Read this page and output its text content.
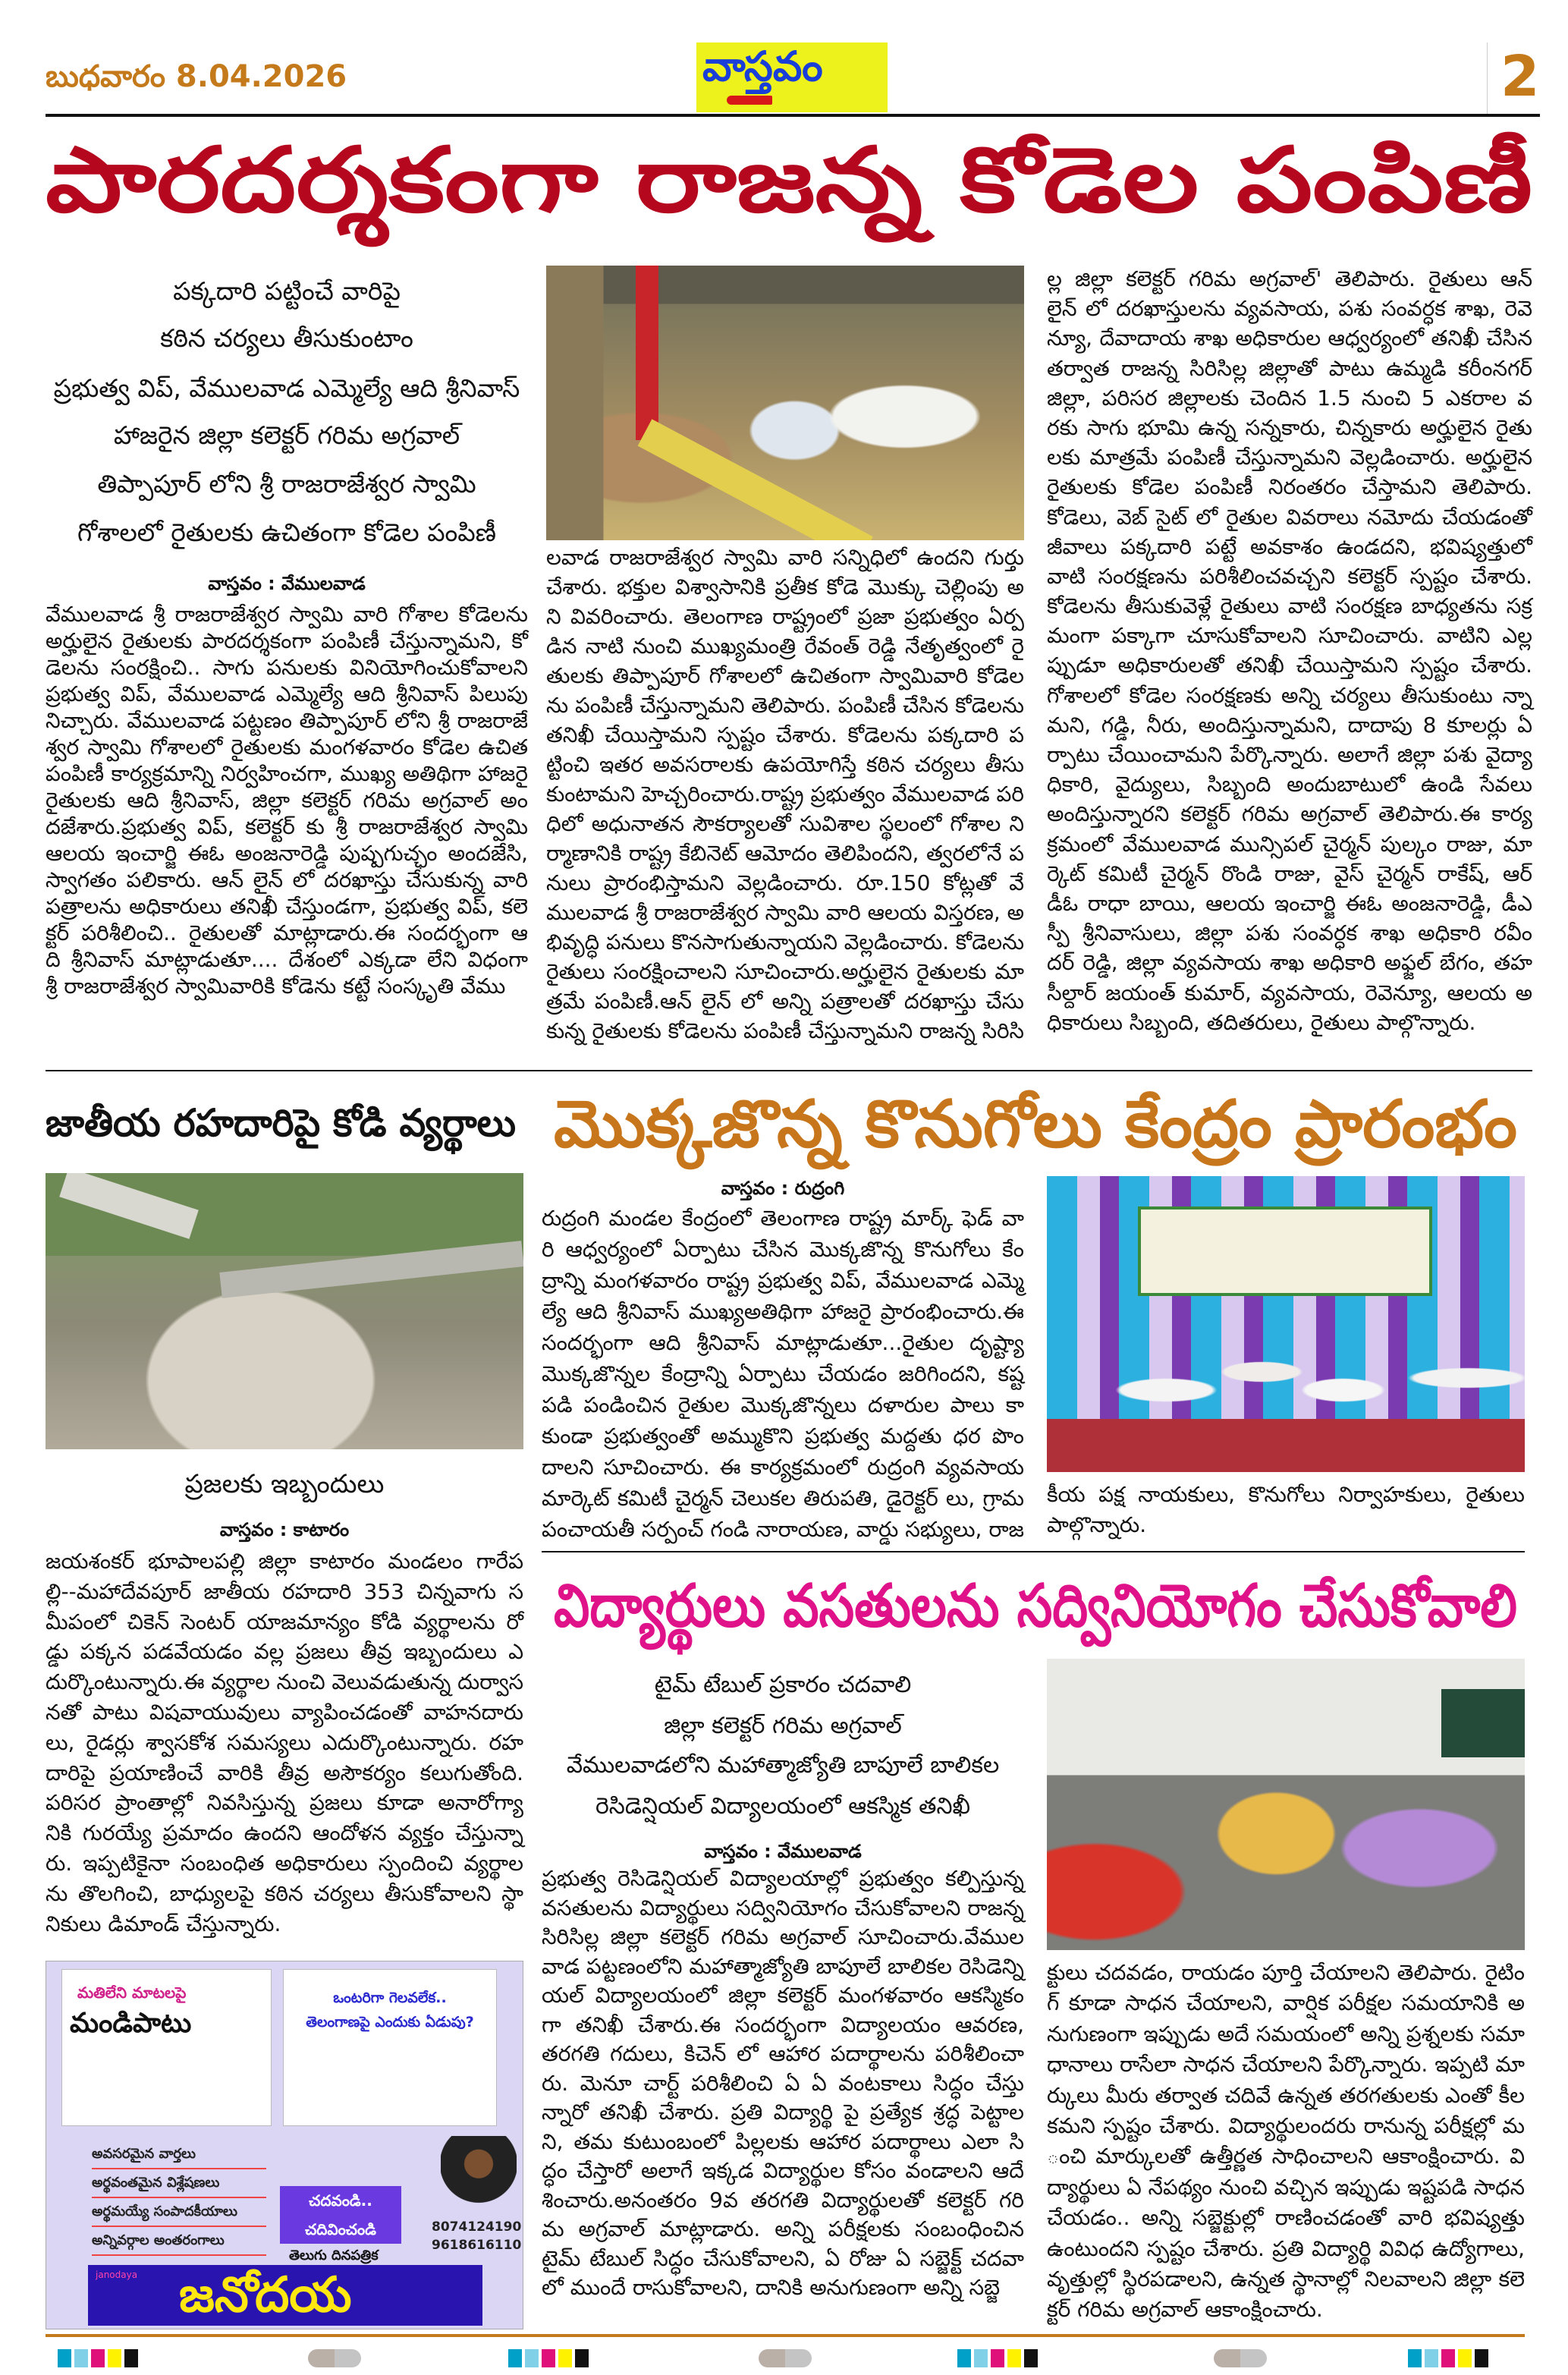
బుధవారం 8.04.2026	వాస్తవం	2
పారదర్శకంగా రాజన్న కోడెల పంపిణీ
పక్కదారి పట్టించే వారిపై
కఠిన చర్యలు తీసుకుంటాం
ప్రభుత్వ విప్, వేములవాడ ఎమ్మెల్యే ఆది శ్రీనివాస్
హాజరైన జిల్లా కలెక్టర్ గరిమ అగ్రవాల్
తిప్పాపూర్ లోని శ్రీ రాజరాజేశ్వర స్వామి
గోశాలలో రైతులకు ఉచితంగా కోడెల పంపిణీ
వాస్తవం : వేములవాడ
వేములవాడ శ్రీ రాజరాజేశ్వర స్వామి వారి గోశాల కోడెలను
అర్హులైన రైతులకు పారదర్శకంగా పంపిణీ చేస్తున్నామని, కో
డెలను సంరక్షించి.. సాగు పనులకు వినియోగించుకోవాలని
ప్రభుత్వ విప్, వేములవాడ ఎమ్మెల్యే ఆది శ్రీనివాస్ పిలుపు
నిచ్చారు. వేములవాడ పట్టణం తిప్పాపూర్ లోని శ్రీ రాజరాజే
శ్వర స్వామి గోశాలలో రైతులకు మంగళవారం కోడెల ఉచిత
పంపిణీ కార్యక్రమాన్ని నిర్వహించగా, ముఖ్య అతిథిగా హాజరై
రైతులకు ఆది శ్రీనివాస్, జిల్లా కలెక్టర్ గరిమ అగ్రవాల్ అం
దజేశారు.ప్రభుత్వ విప్, కలెక్టర్ కు శ్రీ రాజరాజేశ్వర స్వామి
ఆలయ ఇంచార్జి ఈఓ అంజనారెడ్డి పుష్పగుచ్ఛం అందజేసి,
స్వాగతం పలికారు. ఆన్ లైన్ లో దరఖాస్తు చేసుకున్న వారి
పత్రాలను అధికారులు తనిఖీ చేస్తుండగా, ప్రభుత్వ విప్, కలె
క్టర్ పరిశీలించి.. రైతులతో మాట్లాడారు.ఈ సందర్భంగా ఆ
ది శ్రీనివాస్ మాట్లాడుతూ.... దేశంలో ఎక్కడా లేని విధంగా
శ్రీ రాజరాజేశ్వర స్వామివారికి కోడెను కట్టే సంస్కృతి వేము
లవాడ రాజరాజేశ్వర స్వామి వారి సన్నిధిలో ఉందని గుర్తు
చేశారు. భక్తుల విశ్వాసానికి ప్రతీక కోడె మొక్కు చెల్లింపు అ
ని వివరించారు. తెలంగాణ రాష్ట్రంలో ప్రజా ప్రభుత్వం ఏర్ప
డిన నాటి నుంచి ముఖ్యమంత్రి రేవంత్ రెడ్డి నేతృత్వంలో రై
తులకు తిప్పాపూర్ గోశాలలో ఉచితంగా స్వామివారి కోడెల
ను పంపిణీ చేస్తున్నామని తెలిపారు. పంపిణీ చేసిన కోడెలను
తనిఖీ చేయిస్తామని స్పష్టం చేశారు. కోడెలను పక్కదారి ప
ట్టించి ఇతర అవసరాలకు ఉపయోగిస్తే కఠిన చర్యలు తీసు
కుంటామని హెచ్చరించారు.రాష్ట్ర ప్రభుత్వం వేములవాడ పరి
ధిలో అధునాతన సౌకర్యాలతో సువిశాల స్థలంలో గోశాల ని
ర్మాణానికి రాష్ట్ర కేబినెట్ ఆమోదం తెలిపిందని, త్వరలోనే ప
నులు ప్రారంభిస్తామని వెల్లడించారు. రూ.150 కోట్లతో వే
ములవాడ శ్రీ రాజరాజేశ్వర స్వామి వారి ఆలయ విస్తరణ, అ
భివృద్ధి పనులు కొనసాగుతున్నాయని వెల్లడించారు. కోడెలను
రైతులు సంరక్షించాలని సూచించారు.అర్హులైన రైతులకు మా
త్రమే పంపిణీ.ఆన్ లైన్ లో అన్ని పత్రాలతో దరఖాస్తు చేసు
కున్న రైతులకు కోడెలను పంపిణీ చేస్తున్నామని రాజన్న సిరిసి
ల్ల జిల్లా కలెక్టర్ గరిమ అగ్రవాల్' తెలిపారు. రైతులు ఆన్
లైన్ లో దరఖాస్తులను వ్యవసాయ, పశు సంవర్ధక శాఖ, రెవె
న్యూ, దేవాదాయ శాఖ అధికారుల ఆధ్వర్యంలో తనిఖీ చేసిన
తర్వాత రాజన్న సిరిసిల్ల జిల్లాతో పాటు ఉమ్మడి కరీంనగర్
జిల్లా, పరిసర జిల్లాలకు చెందిన 1.5 నుంచి 5 ఎకరాల వ
రకు సాగు భూమి ఉన్న సన్నకారు, చిన్నకారు అర్హులైన రైతు
లకు మాత్రమే పంపిణీ చేస్తున్నామని వెల్లడించారు. అర్హులైన
రైతులకు కోడెల పంపిణీ నిరంతరం చేస్తామని తెలిపారు.
కోడెలు, వెబ్ సైట్ లో రైతుల వివరాలు నమోదు చేయడంతో
జీవాలు పక్కదారి పట్టే అవకాశం ఉండదని, భవిష్యత్తులో
వాటి సంరక్షణను పరిశీలించవచ్చని కలెక్టర్ స్పష్టం చేశారు.
కోడెలను తీసుకువెళ్లే రైతులు వాటి సంరక్షణ బాధ్యతను సక్ర
మంగా పక్కాగా చూసుకోవాలని సూచించారు. వాటిని ఎల్ల
ప్పుడూ అధికారులతో తనిఖీ చేయిస్తామని స్పష్టం చేశారు.
గోశాలలో కోడెల సంరక్షణకు అన్ని చర్యలు తీసుకుంటు న్నా
మని, గడ్డి, నీరు, అందిస్తున్నామని, దాదాపు 8 కూలర్లు ఏ
ర్పాటు చేయించామని పేర్కొన్నారు. అలాగే జిల్లా పశు వైద్యా
ధికారి, వైద్యులు, సిబ్బంది అందుబాటులో ఉండి సేవలు
అందిస్తున్నారని కలెక్టర్ గరిమ అగ్రవాల్ తెలిపారు.ఈ కార్య
క్రమంలో వేములవాడ మున్సిపల్ చైర్మన్ పుల్కం రాజు, మా
ర్కెట్ కమిటీ చైర్మన్ రొండి రాజు, వైస్ చైర్మన్ రాకేష్, ఆర్
డీఓ రాధా బాయి, ఆలయ ఇంచార్జి ఈఓ అంజనారెడ్డి, డీఎ
స్పీ శ్రీనివాసులు, జిల్లా పశు సంవర్ధక శాఖ అధికారి రవీం
దర్ రెడ్డి, జిల్లా వ్యవసాయ శాఖ అధికారి అఫ్జల్ బేగం, తహ
సీల్దార్ జయంత్ కుమార్, వ్యవసాయ, రెవెన్యూ, ఆలయ అ
ధికారులు సిబ్బంది, తదితరులు, రైతులు పాల్గొన్నారు.
జాతీయ రహదారిపై కోడి వ్యర్థాలు
ప్రజలకు ఇబ్బందులు
వాస్తవం : కాటారం
జయశంకర్ భూపాలపల్లి జిల్లా కాటారం మండలం గారేప
ల్లి--మహాదేవపూర్ జాతీయ రహదారి 353 చిన్నవాగు స
మీపంలో చికెన్ సెంటర్ యాజమాన్యం కోడి వ్యర్థాలను రో
డ్డు పక్కన పడవేయడం వల్ల ప్రజలు తీవ్ర ఇబ్బందులు ఎ
దుర్కొంటున్నారు.ఈ వ్యర్థాల నుంచి వెలువడుతున్న దుర్వాస
నతో పాటు విషవాయువులు వ్యాపించడంతో వాహనదారు
లు, రైడర్లు శ్వాసకోశ సమస్యలు ఎదుర్కొంటున్నారు. రహ
దారిపై ప్రయాణించే వారికి తీవ్ర అసౌకర్యం కలుగుతోంది.
పరిసర ప్రాంతాల్లో నివసిస్తున్న ప్రజలు కూడా అనారోగ్యా
నికి గురయ్యే ప్రమాదం ఉందని ఆందోళన వ్యక్తం చేస్తున్నా
రు. ఇప్పటికైనా సంబంధిత అధికారులు స్పందించి వ్యర్థాల
ను తొలగించి, బాధ్యులపై కఠిన చర్యలు తీసుకోవాలని స్థా
నికులు డిమాండ్ చేస్తున్నారు.
మొక్కజొన్న కొనుగోలు కేంద్రం ప్రారంభం
వాస్తవం : రుద్రంగి
రుద్రంగి మండల కేంద్రంలో తెలంగాణ రాష్ట్ర మార్క్ ఫెడ్ వా
రి ఆధ్వర్యంలో ఏర్పాటు చేసిన మొక్కజొన్న కొనుగోలు కేం
ద్రాన్ని మంగళవారం రాష్ట్ర ప్రభుత్వ విప్, వేములవాడ ఎమ్మె
ల్యే ఆది శ్రీనివాస్ ముఖ్యఅతిథిగా హాజరై ప్రారంభించారు.ఈ
సందర్భంగా ఆది శ్రీనివాస్ మాట్లాడుతూ...రైతుల దృష్ట్యా
మొక్కజొన్నల కేంద్రాన్ని ఏర్పాటు చేయడం జరిగిందని, కష్ట
పడి పండించిన రైతుల మొక్కజొన్నలు దళారుల పాలు కా
కుండా ప్రభుత్వంతో అమ్ముకొని ప్రభుత్వ మద్దతు ధర పొం
దాలని సూచించారు. ఈ కార్యక్రమంలో రుద్రంగి వ్యవసాయ
మార్కెట్ కమిటీ చైర్మన్ చెలుకల తిరుపతి, డైరెక్టర్ లు, గ్రామ
పంచాయతీ సర్పంచ్ గండి నారాయణ, వార్డు సభ్యులు, రాజ
కీయ పక్ష నాయకులు, కొనుగోలు నిర్వాహకులు, రైతులు
పాల్గొన్నారు.
విద్యార్థులు వసతులను సద్వినియోగం చేసుకోవాలి
టైమ్ టేబుల్ ప్రకారం చదవాలి
జిల్లా కలెక్టర్ గరిమ అగ్రవాల్
వేములవాడలోని మహాత్మాజ్యోతి బాపూలే బాలికల
రెసిడెన్షియల్ విద్యాలయంలో ఆకస్మిక తనిఖీ
వాస్తవం : వేములవాడ
ప్రభుత్వ రెసిడెన్షియల్ విద్యాలయాల్లో ప్రభుత్వం కల్పిస్తున్న
వసతులను విద్యార్థులు సద్వినియోగం చేసుకోవాలని రాజన్న
సిరిసిల్ల జిల్లా కలెక్టర్ గరిమ అగ్రవాల్ సూచించారు.వేముల
వాడ పట్టణంలోని మహాత్మాజ్యోతి బాపూలే బాలికల రెసిడెన్ని
యల్ విద్యాలయంలో జిల్లా కలెక్టర్ మంగళవారం ఆకస్మికం
గా తనిఖీ చేశారు.ఈ సందర్భంగా విద్యాలయం ఆవరణ,
తరగతి గదులు, కిచెన్ లో ఆహార పదార్థాలను పరిశీలించా
రు. మెనూ చార్ట్ పరిశీలించి ఏ ఏ వంటకాలు సిద్ధం చేస్తు
న్నారో తనిఖీ చేశారు. ప్రతి విద్యార్థి పై ప్రత్యేక శ్రద్ధ పెట్టాల
ని, తమ కుటుంబంలో పిల్లలకు ఆహార పదార్థాలు ఎలా సి
ద్ధం చేస్తారో అలాగే ఇక్కడ విద్యార్థుల కోసం వండాలని ఆదే
శించారు.అనంతరం 9వ తరగతి విద్యార్థులతో కలెక్టర్ గరి
మ అగ్రవాల్ మాట్లాడారు. అన్ని పరీక్షలకు సంబంధించిన
టైమ్ టేబుల్ సిద్ధం చేసుకోవాలని, ఏ రోజు ఏ సబ్జెక్ట్ చదవా
లో ముందే రాసుకోవాలని, దానికి అనుగుణంగా అన్ని సబ్జె
క్టులు చదవడం, రాయడం పూర్తి చేయాలని తెలిపారు. రైటిం
గ్ కూడా సాధన చేయాలని, వార్షిక పరీక్షల సమయానికి అ
నుగుణంగా ఇప్పుడు అదే సమయంలో అన్ని ప్రశ్నలకు సమా
ధానాలు రాసేలా సాధన చేయాలని పేర్కొన్నారు. ఇప్పటి మా
ర్కులు మీరు తర్వాత చదివే ఉన్నత తరగతులకు ఎంతో కీల
కమని స్పష్టం చేశారు. విద్యార్థులందరు రానున్న పరీక్షల్లో మ
ంచి మార్కులతో ఉత్తీర్ణత సాధించాలని ఆకాంక్షించారు. వి
ద్యార్థులు ఏ నేపథ్యం నుంచి వచ్చిన ఇప్పుడు ఇష్టపడి సాధన
చేయడం.. అన్ని సబ్జెక్టుల్లో రాణించడంతో వారి భవిష్యత్తు
ఉంటుందని స్పష్టం చేశారు. ప్రతి విద్యార్థి వివిధ ఉద్యోగాలు,
వృత్తుల్లో స్థిరపడాలని, ఉన్నత స్థానాల్లో నిలవాలని జిల్లా కలె
క్టర్ గరిమ అగ్రవాల్ ఆకాంక్షించారు.
మతిలేని మాటలపై
మండిపాటు
ఒంటరిగా గెలవలేక..
తెలంగాణపై ఎందుకు ఏడుపు?
అవసరమైన వార్తలు
అర్థవంతమైన విశ్లేషణలు
అర్థమయ్యే సంపాదకీయాలు
అన్నివర్గాల అంతరంగాలు
చదవండి..
చదివించండి	8074124190
9618616110
తెలుగు దినపత్రిక
janodaya జనోదయ
